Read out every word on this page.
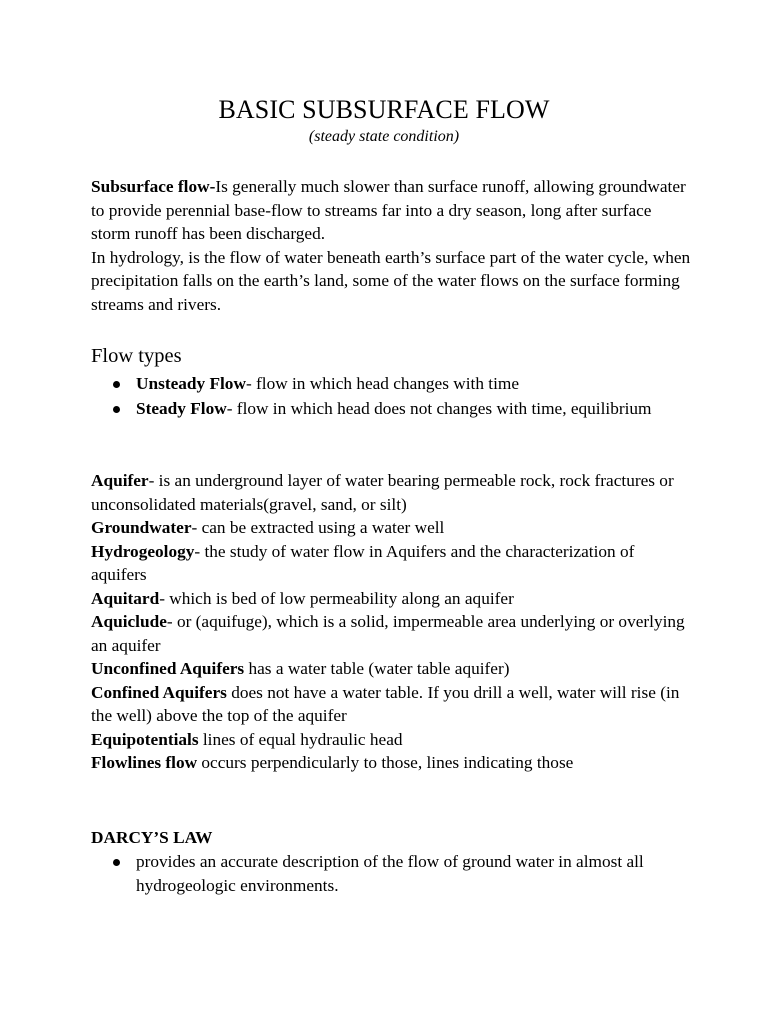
BASIC SUBSURFACE FLOW
(steady state condition)
Subsurface flow-Is generally much slower than surface runoff, allowing groundwater to provide perennial base-flow to streams far into a dry season, long after surface storm runoff has been discharged.
In hydrology, is the flow of water beneath earth’s surface part of the water cycle, when precipitation falls on the earth’s land, some of the water flows on the surface forming streams and rivers.
Flow types
Unsteady Flow- flow in which head changes with time
Steady Flow- flow in which head does not changes with time, equilibrium
Aquifer- is an underground layer of water bearing permeable rock, rock fractures or unconsolidated materials(gravel, sand, or silt)
Groundwater- can be extracted using a water well
Hydrogeology- the study of water flow in Aquifers and the characterization of aquifers
Aquitard- which is bed of low permeability along an aquifer
Aquiclude- or (aquifuge), which is a solid, impermeable area underlying or overlying an aquifer
Unconfined Aquifers has a water table (water table aquifer)
Confined Aquifers does not have a water table. If you drill a well, water will rise (in the well) above the top of the aquifer
Equipotentials lines of equal hydraulic head
Flowlines flow occurs perpendicularly to those, lines indicating those
DARCY’S LAW
provides an accurate description of the flow of ground water in almost all hydrogeologic environments.
